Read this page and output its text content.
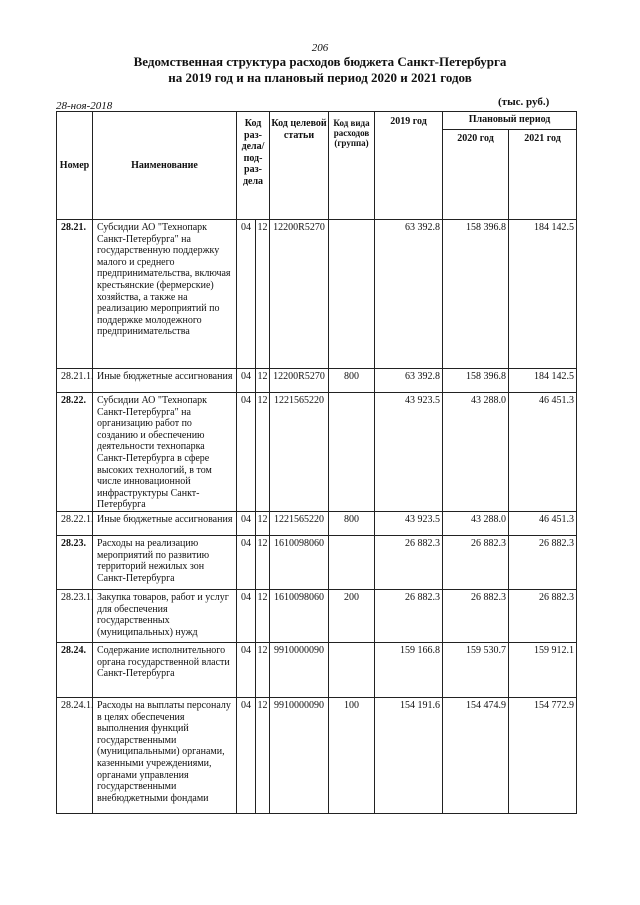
206
Ведомственная структура расходов бюджета Санкт-Петербурга
на 2019 год и на плановый период 2020 и 2021 годов
28-ноя-2018	(тыс. руб.)
Номер	Наименование	Код раз-дела/ под-раз-дела		Код целевой статьи	Код вида расходов (группа)	2019 год	Плановый период	
							2020 год	2021 год
28.21.	Субсидии АО "Технопарк Санкт-Петербурга" на государственную поддержку малого и среднего предпринимательства, включая крестьянские (фермерские) хозяйства, а также на реализацию мероприятий по поддержке молодежного предпринимательства	04	12	12200R5270		63 392.8	158 396.8	184 142.5
28.21.1.	Иные бюджетные ассигнования	04	12	12200R5270	800	63 392.8	158 396.8	184 142.5
28.22.	Субсидии АО "Технопарк Санкт-Петербурга" на организацию работ по созданию и обеспечению деятельности технопарка Санкт-Петербурга в сфере высоких технологий, в том числе инновационной инфраструктуры Санкт-Петербурга	04	12	1221565220		43 923.5	43 288.0	46 451.3
28.22.1.	Иные бюджетные ассигнования	04	12	1221565220	800	43 923.5	43 288.0	46 451.3
28.23.	Расходы на реализацию мероприятий по развитию территорий нежилых зон Санкт-Петербурга	04	12	1610098060		26 882.3	26 882.3	26 882.3
28.23.1.	Закупка товаров, работ и услуг для обеспечения государственных (муниципальных) нужд	04	12	1610098060	200	26 882.3	26 882.3	26 882.3
28.24.	Содержание исполнительного органа государственной власти Санкт-Петербурга	04	12	9910000090		159 166.8	159 530.7	159 912.1
28.24.1.	Расходы на выплаты персоналу в целях обеспечения выполнения функций государственными (муниципальными) органами, казенными учреждениями, органами управления государственными внебюджетными фондами	04	12	9910000090	100	154 191.6	154 474.9	154 772.9
